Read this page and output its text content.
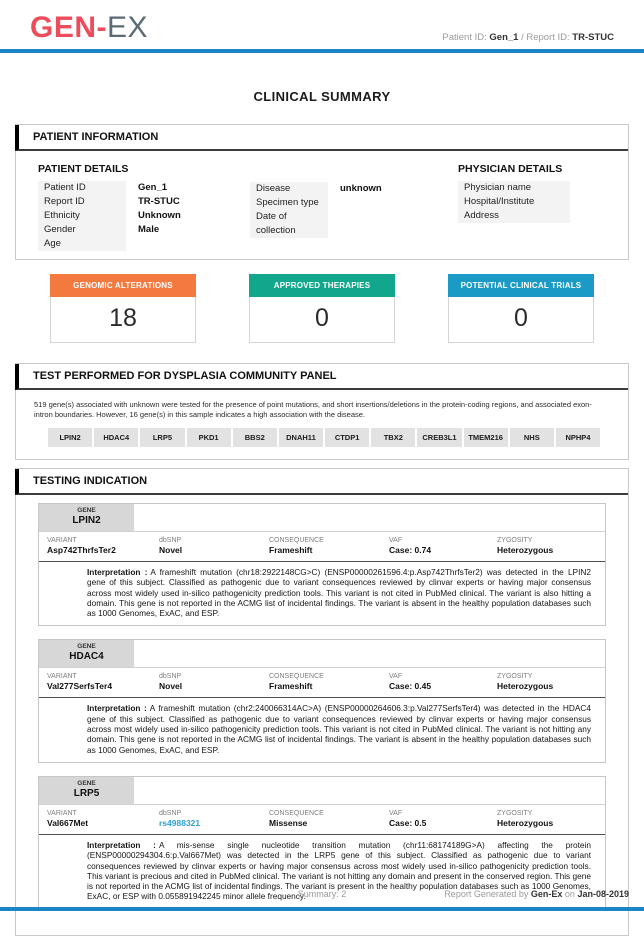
GEN-EX	Patient ID: Gen_1 / Report ID: TR-STUC
CLINICAL SUMMARY
PATIENT INFORMATION
PATIENT DETAILS
Patient ID	Gen_1
Report ID	TR-STUC
Ethnicity	Unknown
Gender	Male
Age
Disease	unknown
Specimen type
Date of collection
PHYSICIAN DETAILS
Physician name
Hospital/Institute
Address
GENOMIC ALTERATIONS
18
APPROVED THERAPIES
0
POTENTIAL CLINICAL TRIALS
0
TEST PERFORMED FOR DYSPLASIA COMMUNITY PANEL
519 gene(s) associated with unknown were tested for the presence of point mutations, and short insertions/deletions in the protein-coding regions, and associated exon-intron boundaries. However, 16 gene(s) in this sample indicates a high association with the disease.
LPIN2	HDAC4	LRP5	PKD1	BBS2	DNAH11	CTDP1	TBX2	CREB3L1	TMEM216	NHS	NPHP4
TESTING INDICATION
GENE
LPIN2
VARIANT
Asp742ThrfsTer2
dbSNP
Novel
CONSEQUENCE
Frameshift
VAF
Case: 0.74
ZYGOSITY
Heterozygous
Interpretation : A frameshift mutation (chr18:2922148CG>C) (ENSP00000261596.4:p.Asp742ThrfsTer2) was detected in the LPIN2 gene of this subject. Classified as pathogenic due to variant consequences reviewed by clinvar experts or having major consensus across most widely used in-silico pathogenicity prediction tools. This variant is not cited in PubMed clinical. The variant is also hitting a domain. This gene is not reported in the ACMG list of incidental findings. The variant is absent in the healthy population databases such as 1000 Genomes, ExAC, and ESP.
GENE
HDAC4
VARIANT
Val277SerfsTer4
dbSNP
Novel
CONSEQUENCE
Frameshift
VAF
Case: 0.45
ZYGOSITY
Heterozygous
Interpretation : A frameshift mutation (chr2:240066314AC>A) (ENSP00000264606.3:p.Val277SerfsTer4) was detected in the HDAC4 gene of this subject. Classified as pathogenic due to variant consequences reviewed by clinvar experts or having major consensus across most widely used in-silico pathogenicity prediction tools. This variant is not cited in PubMed clinical. The variant is not hitting any domain. This gene is not reported in the ACMG list of incidental findings. The variant is absent in the healthy population databases such as 1000 Genomes, ExAC, and ESP.
GENE
LRP5
VARIANT
Val667Met
dbSNP
rs4988321
CONSEQUENCE
Missense
VAF
Case: 0.5
ZYGOSITY
Heterozygous
Interpretation : A mis-sense single nucleotide transition mutation (chr11:68174189G>A) affecting the protein (ENSP00000294304.6:p.Val667Met) was detected in the LRP5 gene of this subject. Classified as pathogenic due to variant consequences reviewed by clinvar experts or having major consensus across most widely used in-silico pathogenicity prediction tools. This variant is precious and cited in PubMed clinical. The variant is not hitting any domain and present in the conserved region. This gene is not reported in the ACMG list of incidental findings. The variant is present in the healthy population databases such as 1000 Genomes, ExAC, or ESP with 0.055891942245 minor allele frequency.
Summary: 2	Report Generated by Gen-Ex on Jan-08-2019
